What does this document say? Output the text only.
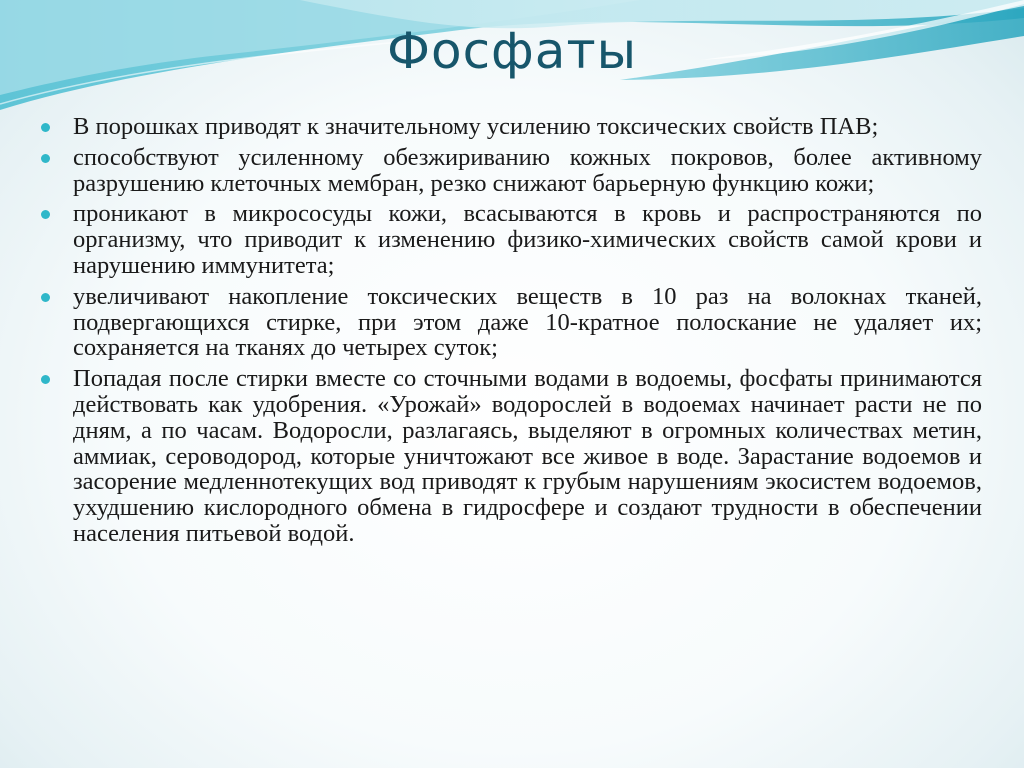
Фосфаты
В порошках приводят к значительному усилению токсических свойств ПАВ;
способствуют усиленному обезжириванию кожных покровов, более активному разрушению клеточных мембран, резко снижают барьерную функцию кожи;
проникают в микрососуды кожи, всасываются в кровь и распространяются по организму, что приводит к изменению физико-химических свойств самой крови и нарушению иммунитета;
увеличивают накопление токсических веществ в 10 раз на волокнах тканей, подвергающихся стирке, при этом даже 10-кратное полоскание не удаляет их; сохраняется на тканях до четырех суток;
Попадая после стирки вместе со сточными водами в водоемы, фосфаты принимаются действовать как удобрения. «Урожай» водорослей в водоемах начинает расти не по дням, а по часам. Водоросли, разлагаясь, выделяют в огромных количествах метин, аммиак, сероводород, которые уничтожают все живое в воде. Зарастание водоемов и засорение медленнотекущих вод приводят к грубым нарушениям экосистем водоемов, ухудшению кислородного обмена в гидросфере и создают трудности в обеспечении населения питьевой водой.
